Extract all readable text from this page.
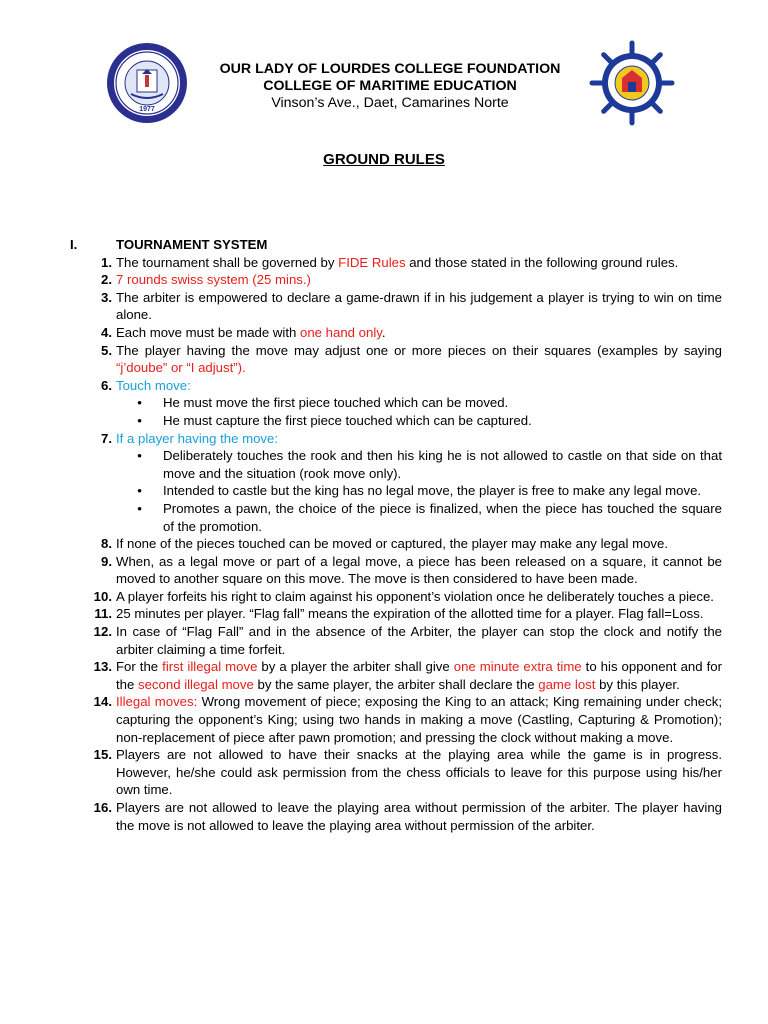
1977
OUR LADY OF LOURDES COLLEGE FOUNDATION
COLLEGE OF MARITIME EDUCATION
Vinson’s Ave., Daet, Camarines Norte
GROUND RULES
I.	TOURNAMENT SYSTEM
1. The tournament shall be governed by FIDE Rules and those stated in the following ground rules.
2. 7 rounds swiss system (25 mins.)
3. The arbiter is empowered to declare a game-drawn if in his judgement a player is trying to win on time alone.
4. Each move must be made with one hand only.
5. The player having the move may adjust one or more pieces on their squares (examples by saying “j’doube” or “I adjust”).
6. Touch move:
•	He must move the first piece touched which can be moved.
•	He must capture the first piece touched which can be captured.
7. If a player having the move:
•	Deliberately touches the rook and then his king he is not allowed to castle on that side on that move and the situation (rook move only).
•	Intended to castle but the king has no legal move, the player is free to make any legal move.
•	Promotes a pawn, the choice of the piece is finalized, when the piece has touched the square of the promotion.
8. If none of the pieces touched can be moved or captured, the player may make any legal move.
9. When, as a legal move or part of a legal move, a piece has been released on a square, it cannot be moved to another square on this move. The move is then considered to have been made.
10. A player forfeits his right to claim against his opponent’s violation once he deliberately touches a piece.
11. 25 minutes per player. “Flag fall” means the expiration of the allotted time for a player. Flag fall=Loss.
12. In case of “Flag Fall” and in the absence of the Arbiter, the player can stop the clock and notify the arbiter claiming a time forfeit.
13. For the first illegal move by a player the arbiter shall give one minute extra time to his opponent and for the second illegal move by the same player, the arbiter shall declare the game lost by this player.
14. Illegal moves: Wrong movement of piece; exposing the King to an attack; King remaining under check; capturing the opponent’s King; using two hands in making a move (Castling, Capturing & Promotion); non-replacement of piece after pawn promotion; and pressing the clock without making a move.
15. Players are not allowed to have their snacks at the playing area while the game is in progress. However, he/she could ask permission from the chess officials to leave for this purpose using his/her own time.
16. Players are not allowed to leave the playing area without permission of the arbiter. The player having the move is not allowed to leave the playing area without permission of the arbiter.
